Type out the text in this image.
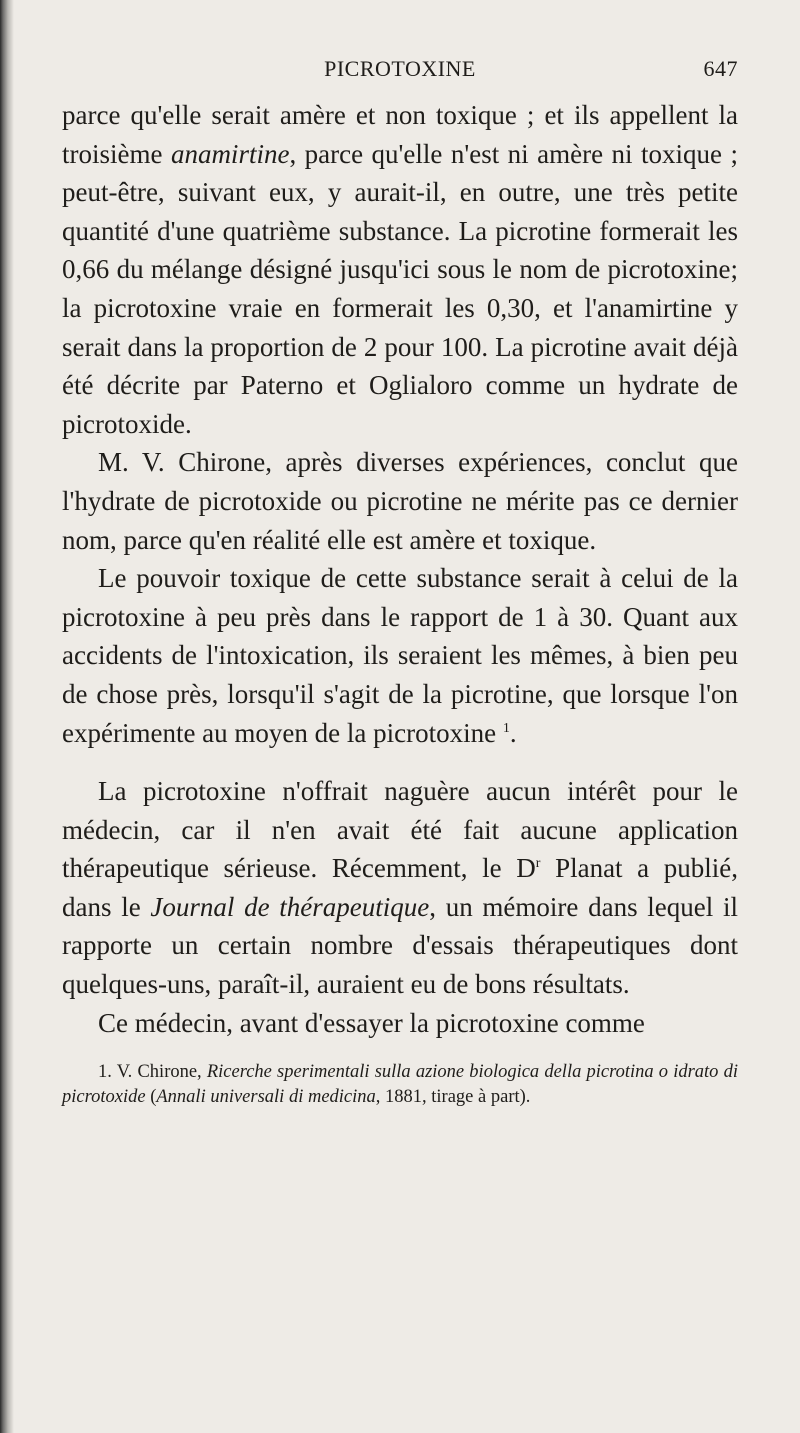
PICROTOXINE	647

parce qu'elle serait amère et non toxique ; et ils appellent la troisième anamirtine, parce qu'elle n'est ni amère ni toxique ; peut-être, suivant eux, y aurait-il, en outre, une très petite quantité d'une quatrième substance. La picrotine formerait les 0,66 du mélange désigné jusqu'ici sous le nom de picrotoxine; la picrotoxine vraie en formerait les 0,30, et l'anamirtine y serait dans la proportion de 2 pour 100. La picrotine avait déjà été décrite par Paterno et Oglialoro comme un hydrate de picrotoxide.

M. V. Chirone, après diverses expériences, conclut que l'hydrate de picrotoxide ou picrotine ne mérite pas ce dernier nom, parce qu'en réalité elle est amère et toxique.

Le pouvoir toxique de cette substance serait à celui de la picrotoxine à peu près dans le rapport de 1 à 30. Quant aux accidents de l'intoxication, ils seraient les mêmes, à bien peu de chose près, lorsqu'il s'agit de la picrotine, que lorsque l'on expérimente au moyen de la picrotoxine $^1$.

La picrotoxine n'offrait naguère aucun intérêt pour le médecin, car il n'en avait été fait aucune application thérapeutique sérieuse. Récemment, le $D^r$ Planat a publié, dans le Journal de thérapeutique, un mémoire dans lequel il rapporte un certain nombre d'essais thérapeutiques dont quelques-uns, paraît-il, auraient eu de bons résultats.

Ce médecin, avant d'essayer la picrotoxine comme

1. V. Chirone, Ricerche sperimentali sulla azione biologica della picrotina o idrato di picrotoxide (Annali universali di medicina, 1881, tirage à part).
